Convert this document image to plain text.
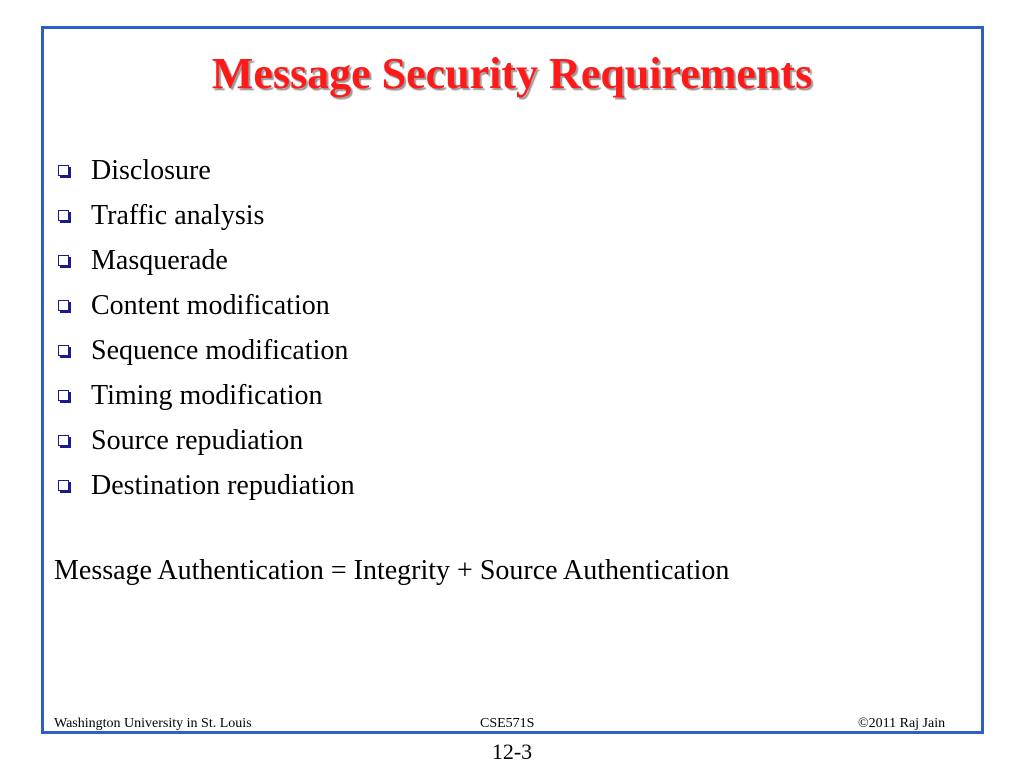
Message Security Requirements
Disclosure
Traffic analysis
Masquerade
Content modification
Sequence modification
Timing modification
Source repudiation
Destination repudiation
Message Authentication = Integrity + Source Authentication
Washington University in St. Louis	CSE571S	©2011 Raj Jain
12-3
